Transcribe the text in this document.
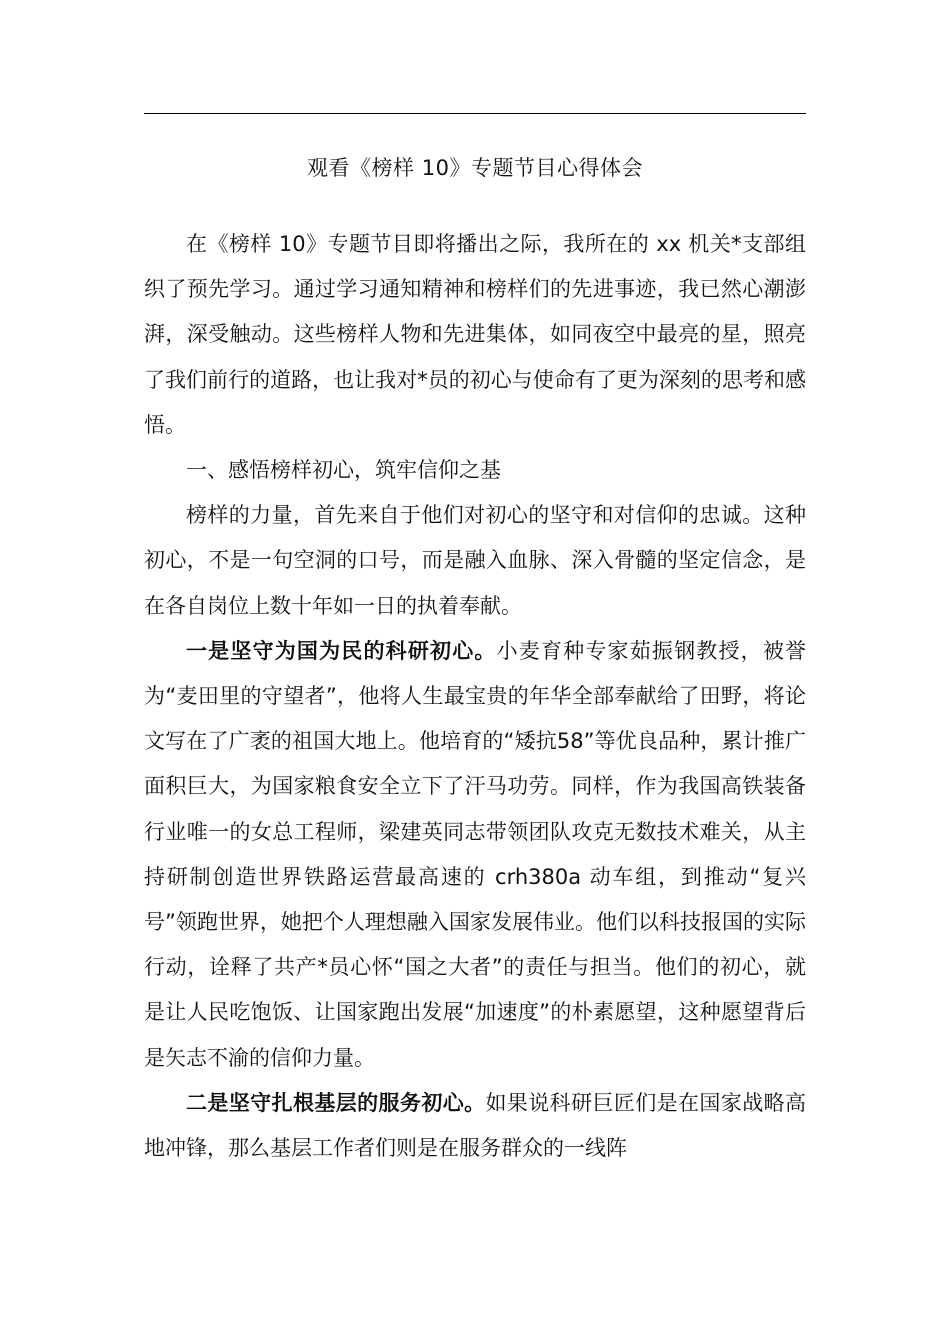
观看《榜样 10》专题节目心得体会

在《榜样 10》专题节目即将播出之际，我所在的 xx 机关*支部组织了预先学习。通过学习通知精神和榜样们的先进事迹，我已然心潮澎湃，深受触动。这些榜样人物和先进集体，如同夜空中最亮的星，照亮了我们前行的道路，也让我对*员的初心与使命有了更为深刻的思考和感悟。

一、感悟榜样初心，筑牢信仰之基

榜样的力量，首先来自于他们对初心的坚守和对信仰的忠诚。这种初心，不是一句空洞的口号，而是融入血脉、深入骨髓的坚定信念，是在各自岗位上数十年如一日的执着奉献。

一是坚守为国为民的科研初心。小麦育种专家茹振钢教授，被誉为“麦田里的守望者”，他将人生最宝贵的年华全部奉献给了田野，将论文写在了广袤的祖国大地上。他培育的“矮抗58”等优良品种，累计推广面积巨大，为国家粮食安全立下了汗马功劳。同样，作为我国高铁装备行业唯一的女总工程师，梁建英同志带领团队攻克无数技术难关，从主持研制创造世界铁路运营最高速的 crh380a 动车组，到推动“复兴号”领跑世界，她把个人理想融入国家发展伟业。他们以科技报国的实际行动，诠释了共产*员心怀“国之大者”的责任与担当。他们的初心，就是让人民吃饱饭、让国家跑出发展“加速度”的朴素愿望，这种愿望背后是矢志不渝的信仰力量。

二是坚守扎根基层的服务初心。如果说科研巨匠们是在国家战略高地冲锋，那么基层工作者们则是在服务群众的一线阵
